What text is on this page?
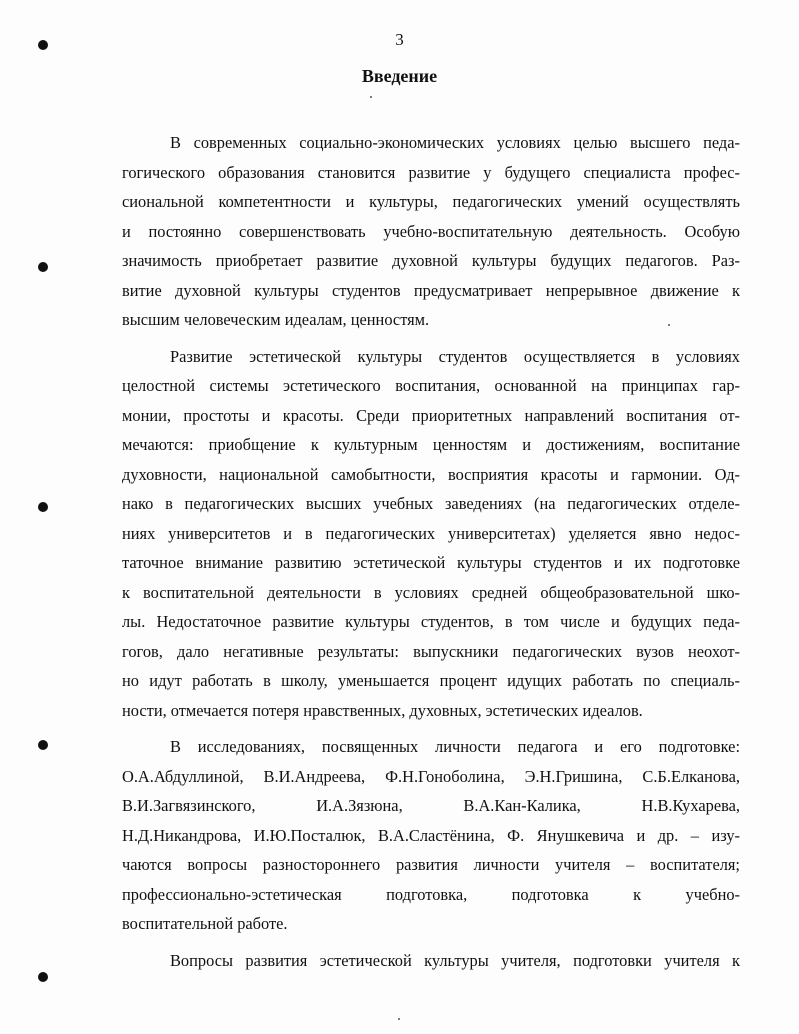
3
Введение

В современных социально-экономических условиях целью высшего педа-
гогического образования становится развитие у будущего специалиста профес-
сиональной компетентности и культуры, педагогических умений осуществлять
и постоянно совершенствовать учебно-воспитательную деятельность. Особую
значимость приобретает развитие духовной культуры будущих педагогов. Раз-
витие духовной культуры студентов предусматривает непрерывное движение к
высшим человеческим идеалам, ценностям.

Развитие эстетической культуры студентов осуществляется в условиях
целостной системы эстетического воспитания, основанной на принципах гар-
монии, простоты и красоты. Среди приоритетных направлений воспитания от-
мечаются: приобщение к культурным ценностям и достижениям, воспитание
духовности, национальной самобытности, восприятия красоты и гармонии. Од-
нако в педагогических высших учебных заведениях (на педагогических отделе-
ниях университетов и в педагогических университетах) уделяется явно недос-
таточное внимание развитию эстетической культуры студентов и их подготовке
к воспитательной деятельности в условиях средней общеобразовательной шко-
лы. Недостаточное развитие культуры студентов, в том числе и будущих педа-
гогов, дало негативные результаты: выпускники педагогических вузов неохот-
но идут работать в школу, уменьшается процент идущих работать по специаль-
ности, отмечается потеря нравственных, духовных, эстетических идеалов.

В исследованиях, посвященных личности педагога и его подготовке:
О.А.Абдуллиной, В.И.Андреева, Ф.Н.Гоноболина, Э.Н.Гришина, С.Б.Елканова,
В.И.Загвязинского, И.А.Зязюна, В.А.Кан-Калика, Н.В.Кухарева,
Н.Д.Никандрова, И.Ю.Посталюк, В.А.Сластёнина, Ф. Янушкевича и др. – изу-
чаются вопросы разностороннего развития личности учителя – воспитателя;
профессионально-эстетическая подготовка, подготовка к учебно-
воспитательной работе.

Вопросы развития эстетической культуры учителя, подготовки учителя к
